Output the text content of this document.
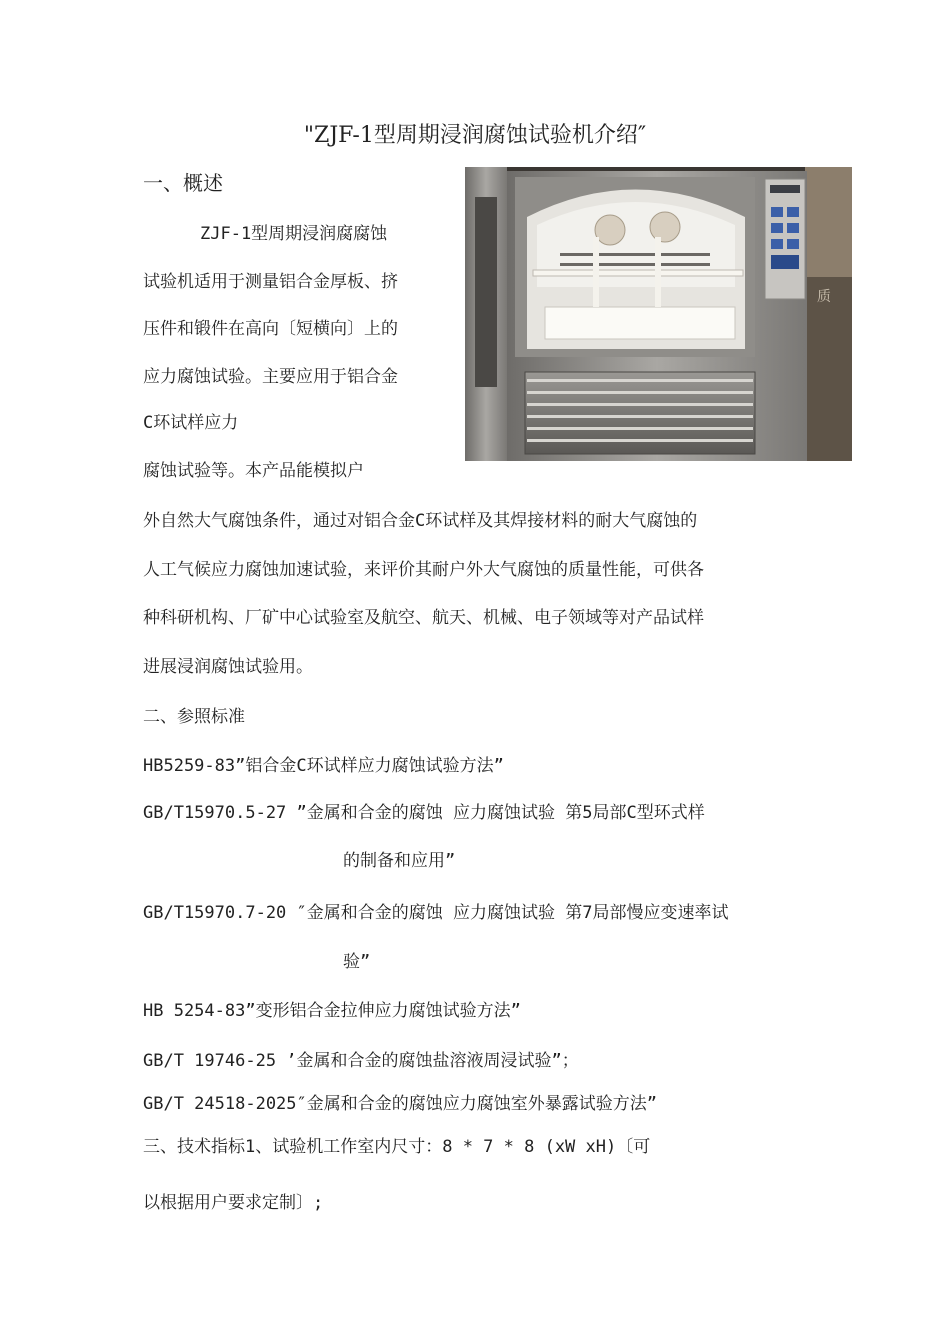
"ZJF-1型周期浸润腐蚀试验机介绍″
一、概述
质
ZJF-1型周期浸润腐腐蚀
试验机适用于测量铝合金厚板、挤
压件和锻件在高向〔短横向〕上的
应力腐蚀试验。主要应用于铝合金
C环试样应力
腐蚀试验等。本产品能模拟户
外自然大气腐蚀条件，通过对铝合金C环试样及其焊接材料的耐大气腐蚀的
人工气候应力腐蚀加速试验，来评价其耐户外大气腐蚀的质量性能，可供各
种科研机构、厂矿中心试验室及航空、航天、机械、电子领域等对产品试样
进展浸润腐蚀试验用。
二、参照标准
HB5259-83”铝合金C环试样应力腐蚀试验方法”
GB/T15970.5-27 ”金属和合金的腐蚀 应力腐蚀试验 第5局部C型环式样
的制备和应用”
GB/T15970.7-20 ″金属和合金的腐蚀 应力腐蚀试验 第7局部慢应变速率试
验”
HB 5254-83”变形铝合金拉伸应力腐蚀试验方法”
GB/T 19746-25 ’金属和合金的腐蚀盐溶液周浸试验”；
GB/T 24518-2025″金属和合金的腐蚀应力腐蚀室外暴露试验方法”
三、技术指标1、试验机工作室内尺寸：8 * 7 * 8 (xW xH)〔可
以根据用户要求定制〕;
